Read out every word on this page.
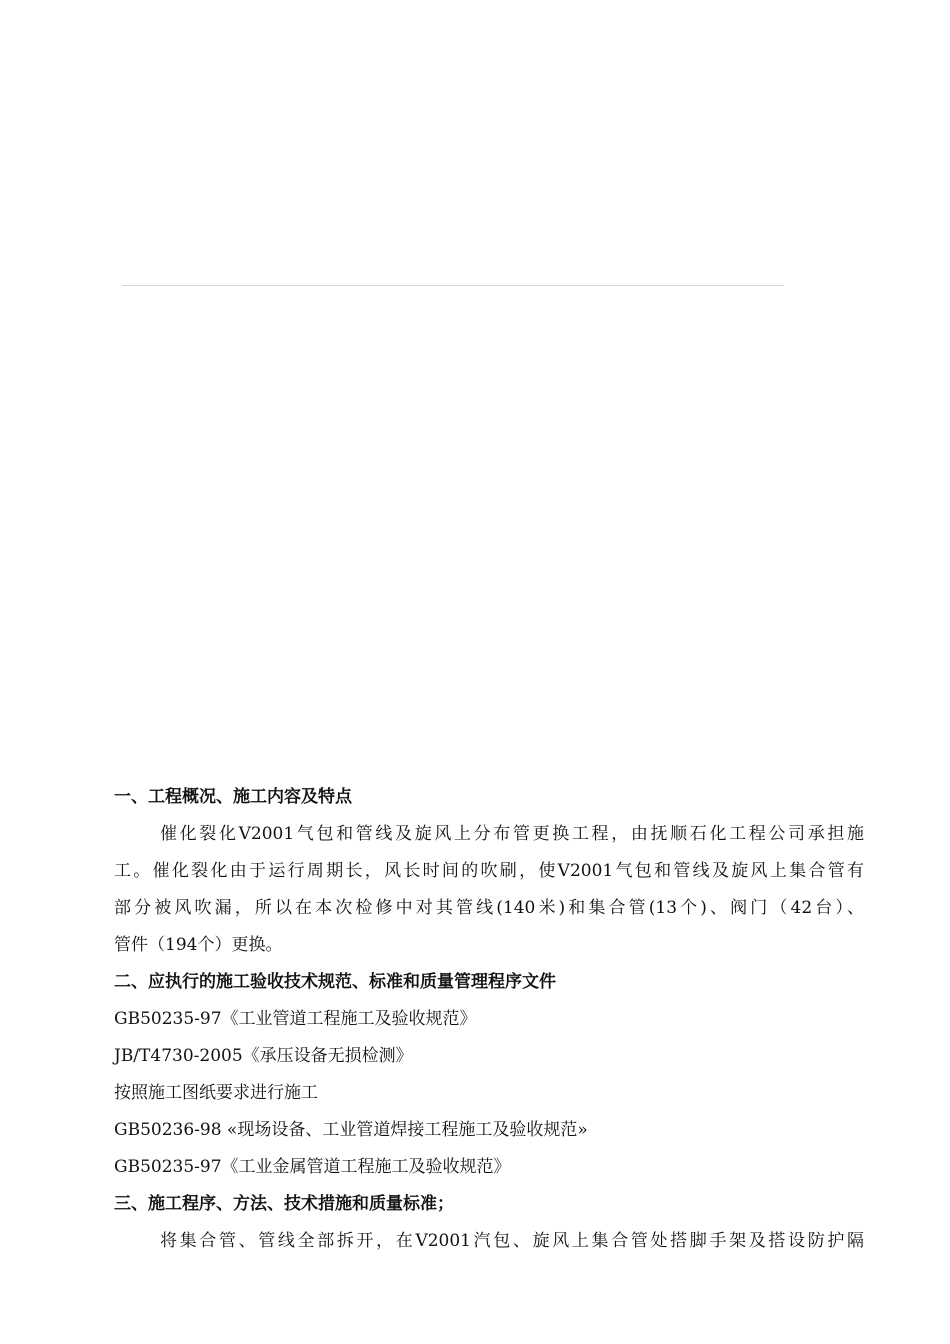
一、工程概况、施工内容及特点
催化裂化V2001气包和管线及旋风上分布管更换工程，由抚顺石化工程公司承担施
工。催化裂化由于运行周期长，风长时间的吹刷，使V2001气包和管线及旋风上集合管有
部分被风吹漏，所以在本次检修中对其管线(140米)和集合管(13个)、阀门（42台）、
管件（194个）更换。
二、应执行的施工验收技术规范、标准和质量管理程序文件
GB50235-97《工业管道工程施工及验收规范》
JB/T4730-2005《承压设备无损检测》
按照施工图纸要求进行施工
GB50236-98 «现场设备、工业管道焊接工程施工及验收规范»
GB50235-97《工业金属管道工程施工及验收规范》
三、施工程序、方法、技术措施和质量标准；
将集合管、管线全部拆开，在V2001汽包、旋风上集合管处搭脚手架及搭设防护隔
